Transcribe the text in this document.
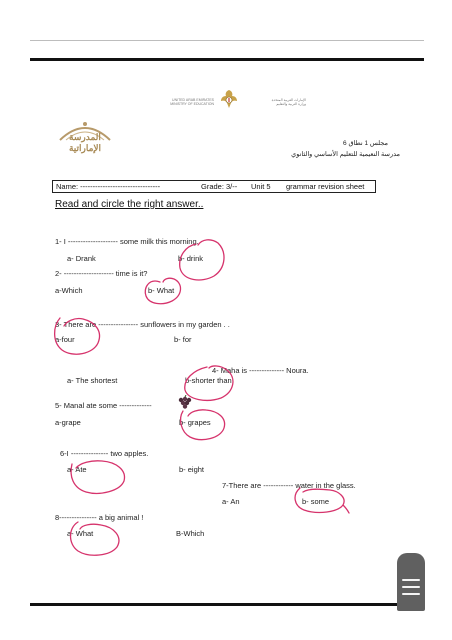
UNITED ARAB EMIRATES
MINISTRY OF EDUCATION
الإمارات العربية المتحدة
وزارة التربية والتعليم
المدرسة
الإماراتية	مجلس 1 نطاق 6
مدرسة النعيمية للتعليم الأساسي والثانوي
Name: --------------------------------	Grade: 3/-- Unit 5 grammar revision sheet
Read and circle the right answer..
1- I -------------------- some milk this morning.
a- Drank	b- drink
2- -------------------- time is it?
a-Which	b- What
3- There are ---------------- sunflowers in my garden . .
a-four	b- for
4- Maha is -------------- Noura.
a- The shortest	b-shorter than
5- Manal ate some -------------
a-grape	b- grapes
6-I --------------- two apples.
a- Ate	b- eight
7-There are ------------ water in the glass.
a- An	b- some
8--------------- a big animal !
a- What	B-Which
